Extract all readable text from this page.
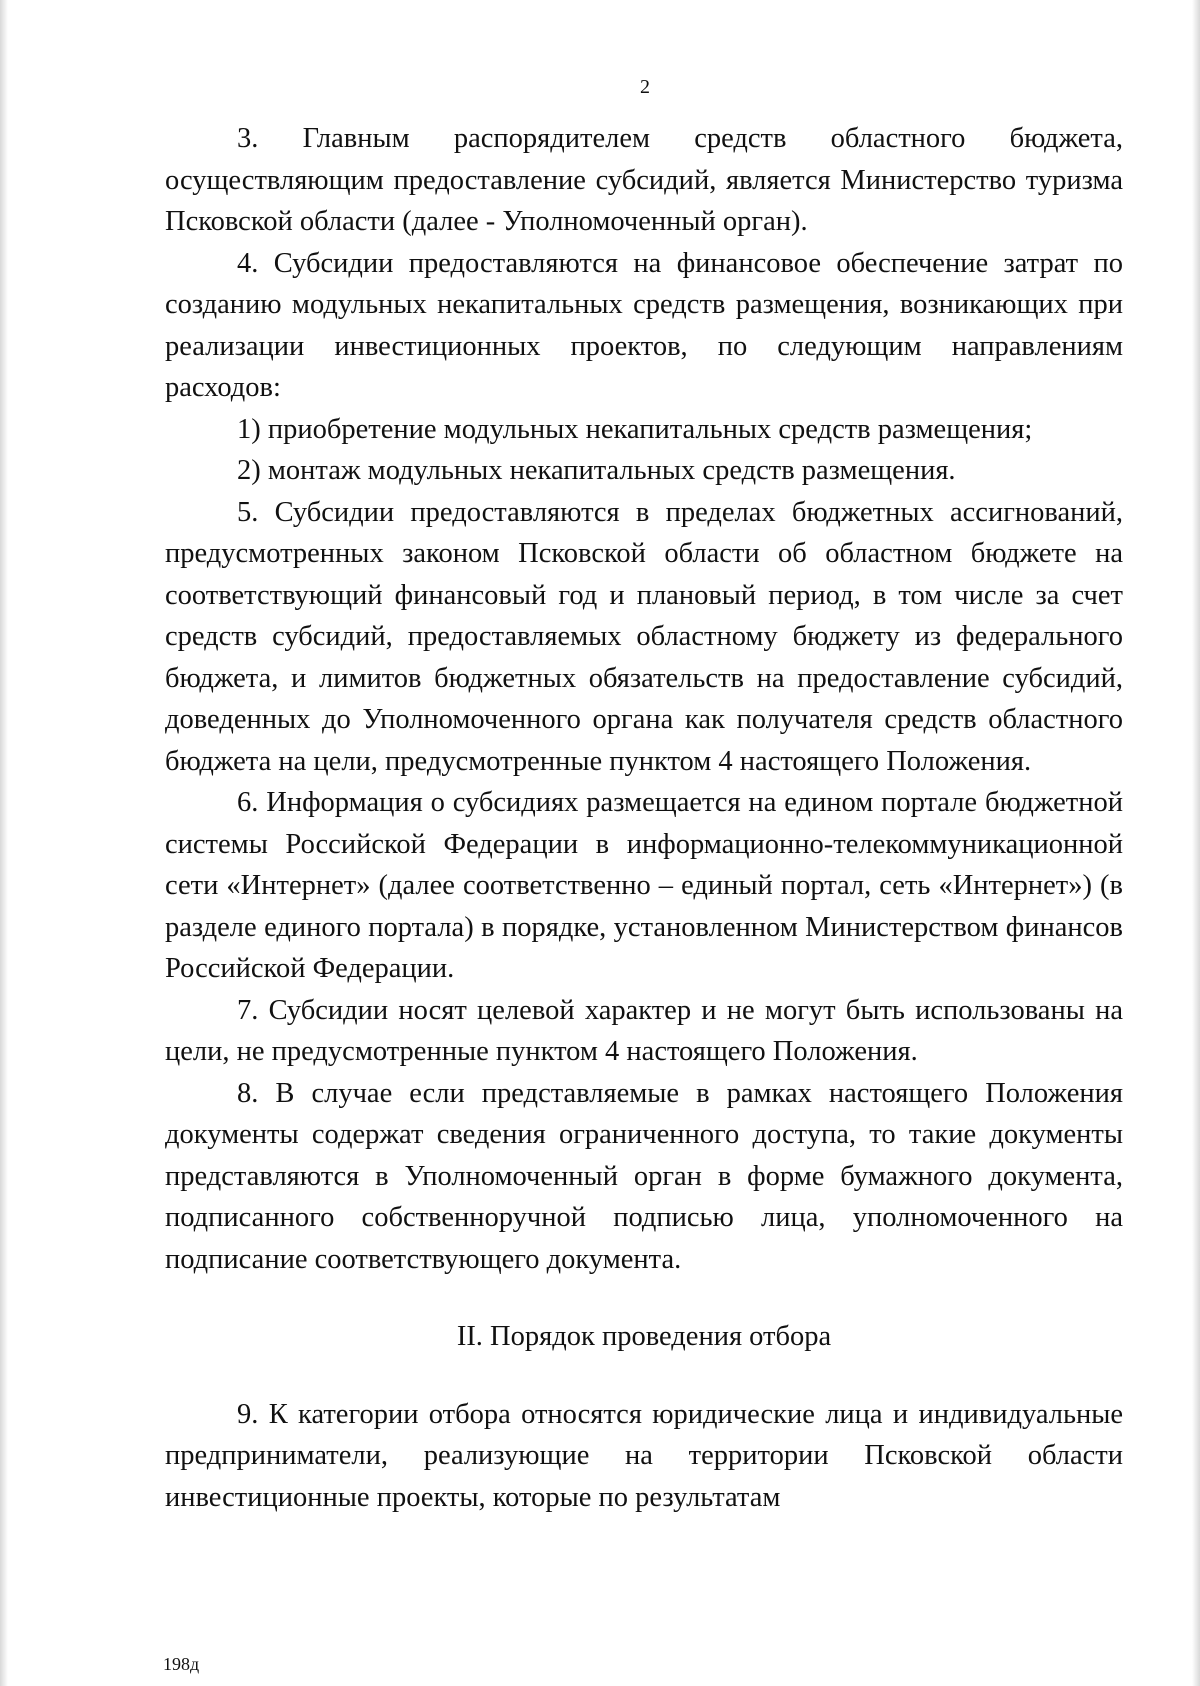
2

3. Главным распорядителем средств областного бюджета, осуществляющим предоставление субсидий, является Министерство туризма Псковской области (далее - Уполномоченный орган).

4. Субсидии предоставляются на финансовое обеспечение затрат по созданию модульных некапитальных средств размещения, возникающих при реализации инвестиционных проектов, по следующим направлениям расходов:

1) приобретение модульных некапитальных средств размещения;

2) монтаж модульных некапитальных средств размещения.

5. Субсидии предоставляются в пределах бюджетных ассигнований, предусмотренных законом Псковской области об областном бюджете на соответствующий финансовый год и плановый период, в том числе за счет средств субсидий, предоставляемых областному бюджету из федерального бюджета, и лимитов бюджетных обязательств на предоставление субсидий, доведенных до Уполномоченного органа как получателя средств областного бюджета на цели, предусмотренные пунктом 4 настоящего Положения.

6. Информация о субсидиях размещается на едином портале бюджетной системы Российской Федерации в информационно-телекоммуникационной сети «Интернет» (далее соответственно – единый портал, сеть «Интернет») (в разделе единого портала) в порядке, установленном Министерством финансов Российской Федерации.

7. Субсидии носят целевой характер и не могут быть использованы на цели, не предусмотренные пунктом 4 настоящего Положения.

8. В случае если представляемые в рамках настоящего Положения документы содержат сведения ограниченного доступа, то такие документы представляются в Уполномоченный орган в форме бумажного документа, подписанного собственноручной подписью лица, уполномоченного на подписание соответствующего документа.

II. Порядок проведения отбора

9. К категории отбора относятся юридические лица и индивидуальные предприниматели, реализующие на территории Псковской области инвестиционные проекты, которые по результатам

198д
